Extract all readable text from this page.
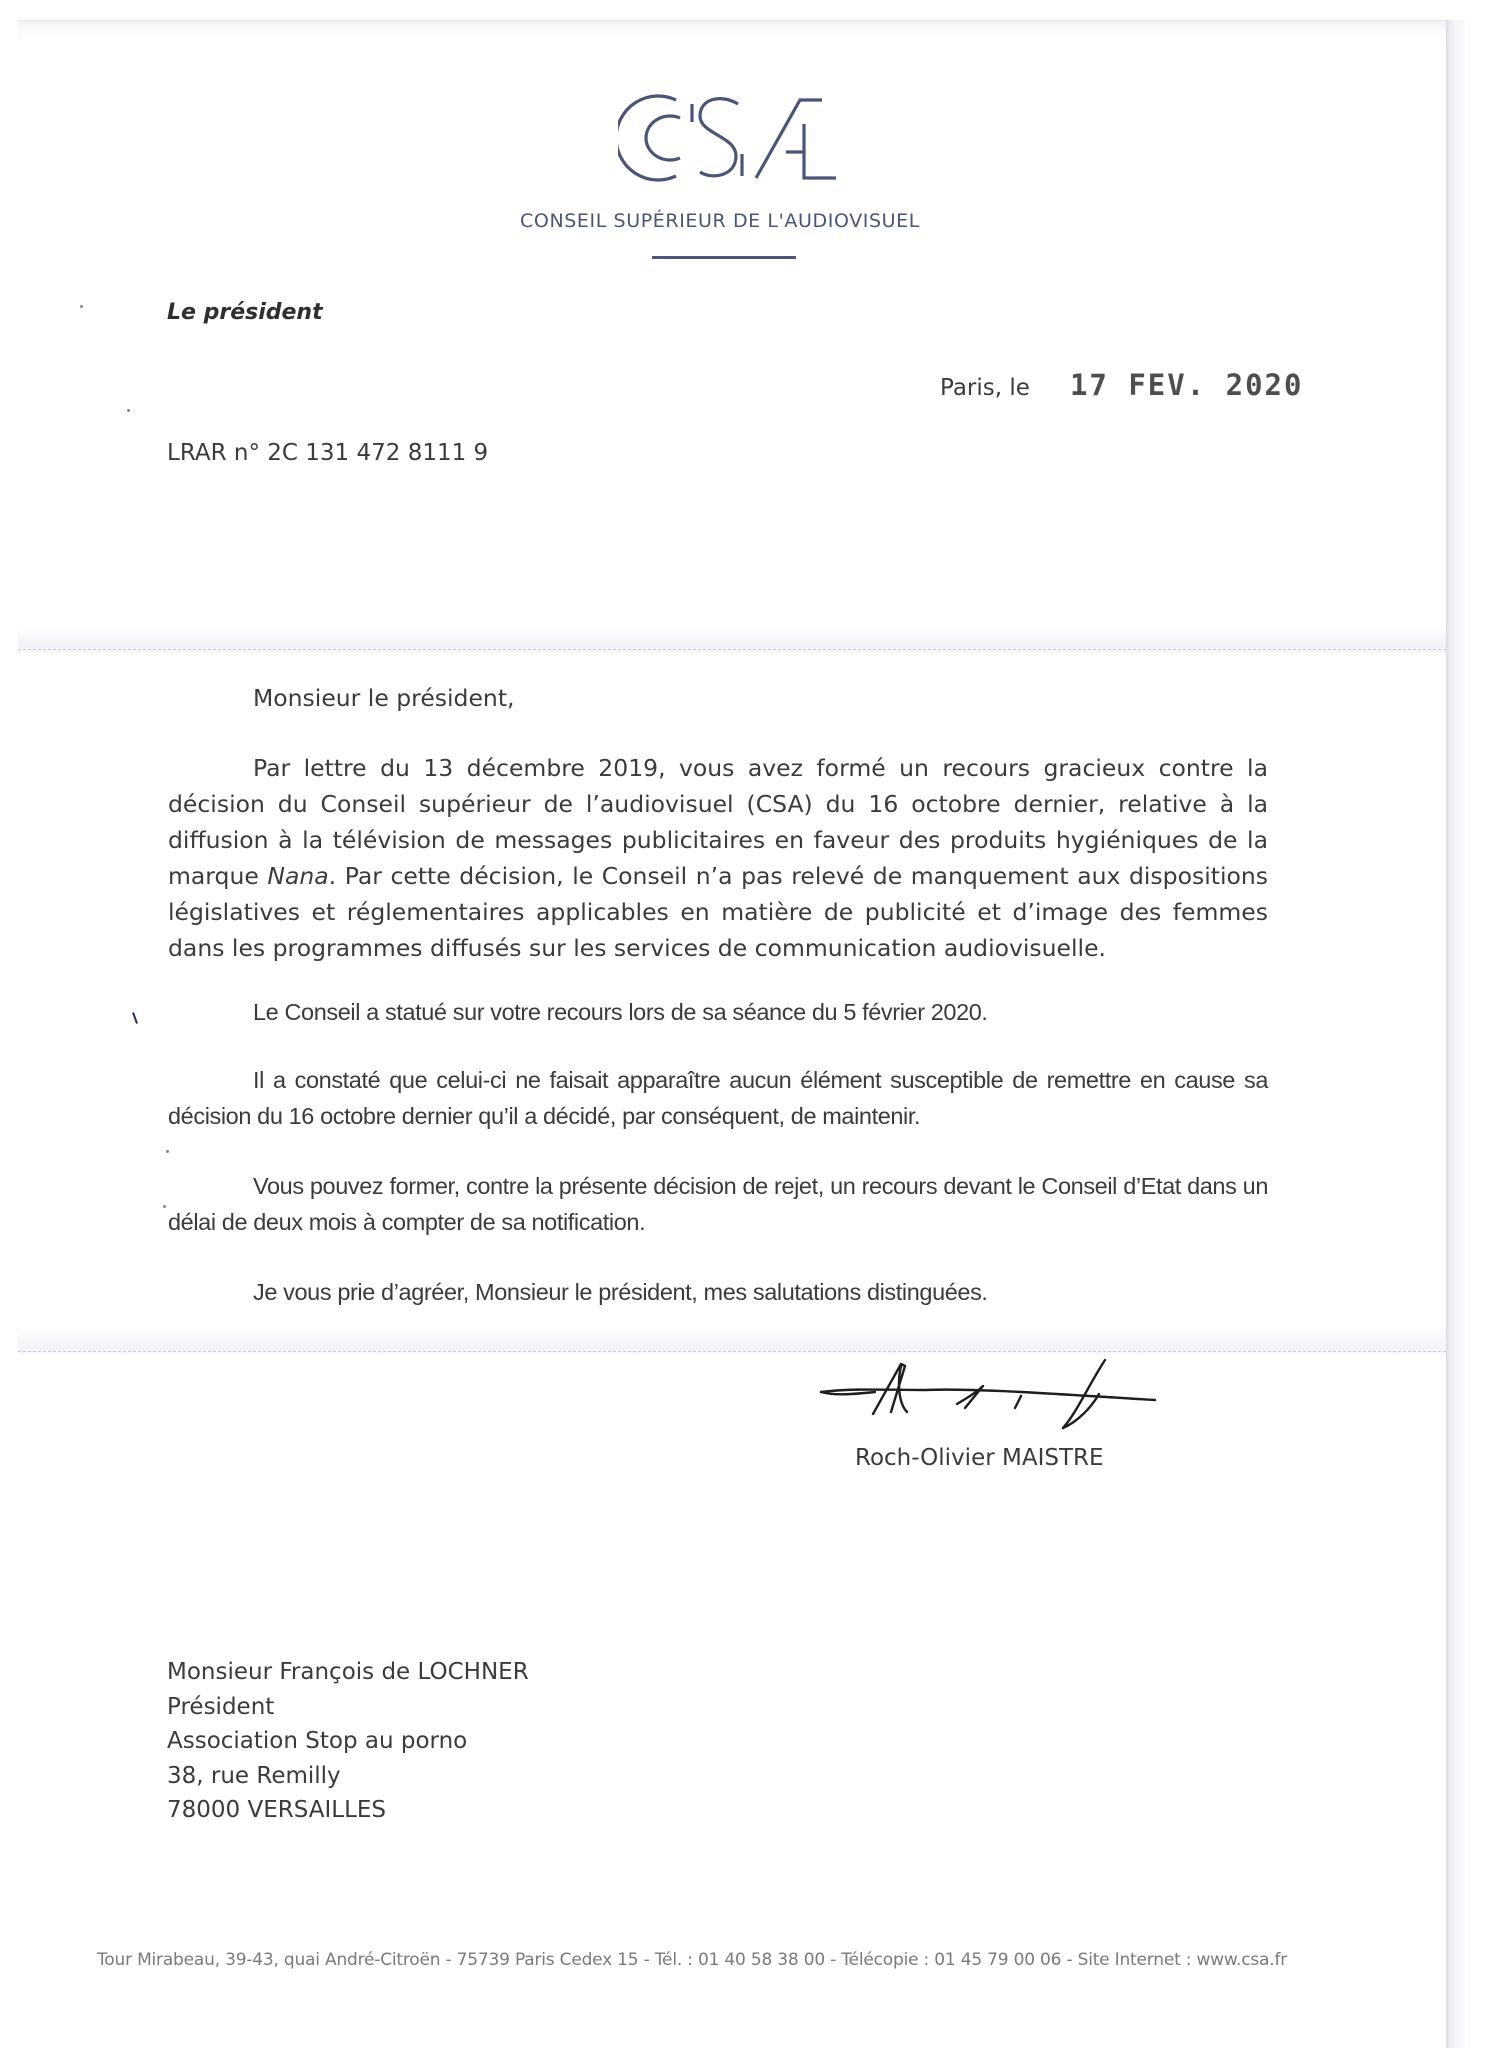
CONSEIL SUPÉRIEUR DE L'AUDIOVISUEL
Le président
Paris, le 17 FEV. 2020
LRAR n° 2C 131 472 8111 9
Monsieur le président,

Par lettre du 13 décembre 2019, vous avez formé un recours gracieux contre la décision du Conseil supérieur de l’audiovisuel (CSA) du 16 octobre dernier, relative à la diffusion à la télévision de messages publicitaires en faveur des produits hygiéniques de la marque Nana. Par cette décision, le Conseil n’a pas relevé de manquement aux dispositions législatives et réglementaires applicables en matière de publicité et d’image des femmes dans les programmes diffusés sur les services de communication audiovisuelle.

Le Conseil a statué sur votre recours lors de sa séance du 5 février 2020.

Il a constaté que celui-ci ne faisait apparaître aucun élément susceptible de remettre en cause sa décision du 16 octobre dernier qu’il a décidé, par conséquent, de maintenir.

Vous pouvez former, contre la présente décision de rejet, un recours devant le Conseil d’Etat dans un délai de deux mois à compter de sa notification.

Je vous prie d’agréer, Monsieur le président, mes salutations distinguées.

Roch-Olivier MAISTRE
Monsieur François de LOCHNER
Président
Association Stop au porno
38, rue Remilly
78000 VERSAILLES
Tour Mirabeau, 39-43, quai André-Citroën - 75739 Paris Cedex 15 - Tél. : 01 40 58 38 00 - Télécopie : 01 45 79 00 06 - Site Internet : www.csa.fr
